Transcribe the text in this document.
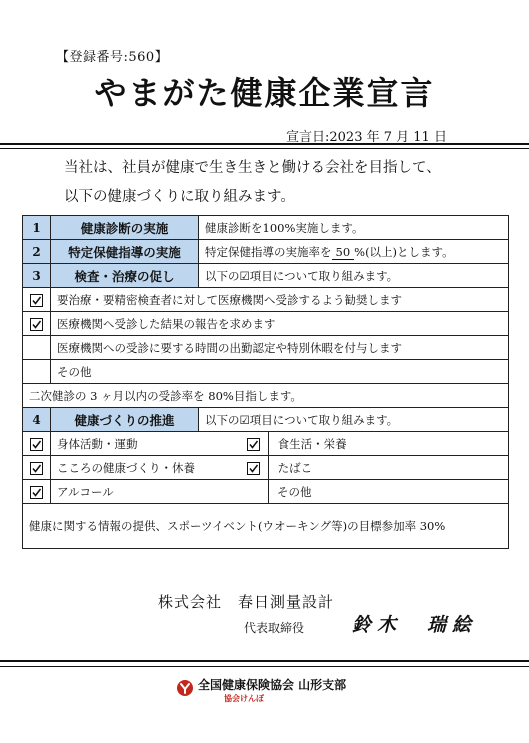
【登録番号:560】
やまがた健康企業宣言
宣言日:2023 年 7 月 11 日
当社は、社員が健康で生き生きと働ける会社を目指して、
以下の健康づくりに取り組みます。
1	健康診断の実施	健康診断を100%実施します。	
2	特定保健指導の実施	特定保健指導の実施率を 50 %(以上)とします。	
3	検査・治療の促し	以下の☑項目について取り組みます。	

	要治療・要精密検査者に対して医療機関へ受診するよう勧奨します		

	医療機関へ受診した結果の報告を求めます		
	医療機関への受診に要する時間の出勤認定や特別休暇を付与します		
	その他		
二次健診の 3 ヶ月以内の受診率を 80%目指します。			
4	健康づくりの推進	以下の☑項目について取り組みます。	

	身体活動・運動		食生活・栄養

	こころの健康づくり・休養		たばこ

	アルコール		その他
健康に関する情報の提供、スポーツイベント(ウオーキング等)の目標参加率 30%			
株式会社　春日測量設計
代表取締役	鈴木　瑞絵
全国健康保険協会 山形支部
協会けんぽ
